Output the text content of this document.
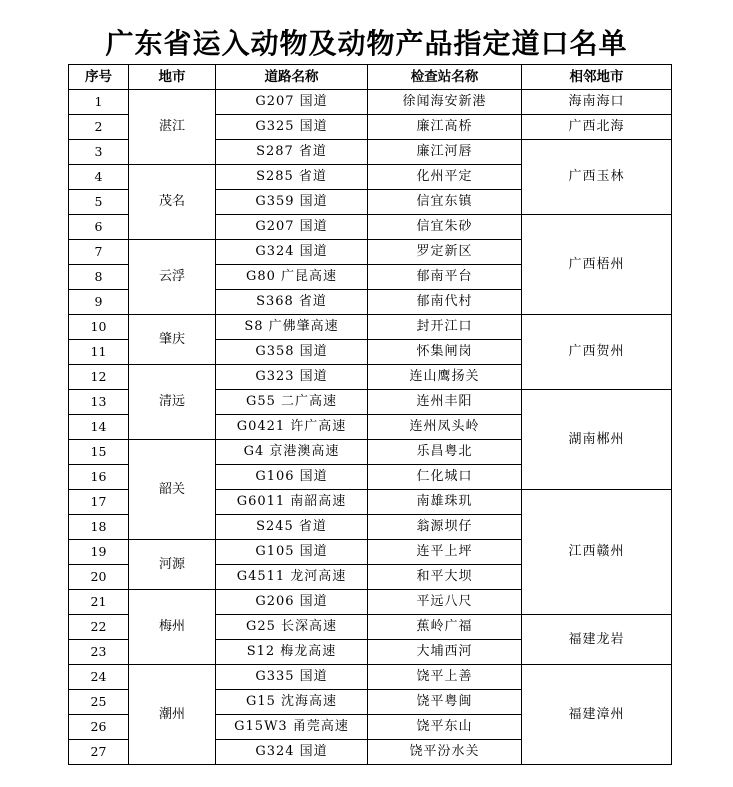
广东省运入动物及动物产品指定道口名单
序号	地市	道路名称	检查站名称	相邻地市
1	湛江	G207 国道	徐闻海安新港	海南海口
2		G325 国道	廉江高桥	广西北海
3		S287 省道	廉江河唇	广西玉林
4	茂名	S285 省道	化州平定	
5		G359 国道	信宜东镇	
6		G207 国道	信宜朱砂	广西梧州
7	云浮	G324 国道	罗定新区	
8		G80 广昆高速	郁南平台	
9		S368 省道	郁南代村	
10	肇庆	S8 广佛肇高速	封开江口	广西贺州
11		G358 国道	怀集闸岗	
12	清远	G323 国道	连山鹰扬关	
13		G55 二广高速	连州丰阳	湖南郴州
14		G0421 许广高速	连州凤头岭	
15	韶关	G4 京港澳高速	乐昌粤北	
16		G106 国道	仁化城口	
17		G6011 南韶高速	南雄珠玑	江西赣州
18		S245 省道	翁源坝仔	
19	河源	G105 国道	连平上坪	
20		G4511 龙河高速	和平大坝	
21	梅州	G206 国道	平远八尺	
22		G25 长深高速	蕉岭广福	福建龙岩
23		S12 梅龙高速	大埔西河	
24	潮州	G335 国道	饶平上善	福建漳州
25		G15 沈海高速	饶平粤闽	
26		G15W3 甬莞高速	饶平东山	
27		G324 国道	饶平汾水关	
